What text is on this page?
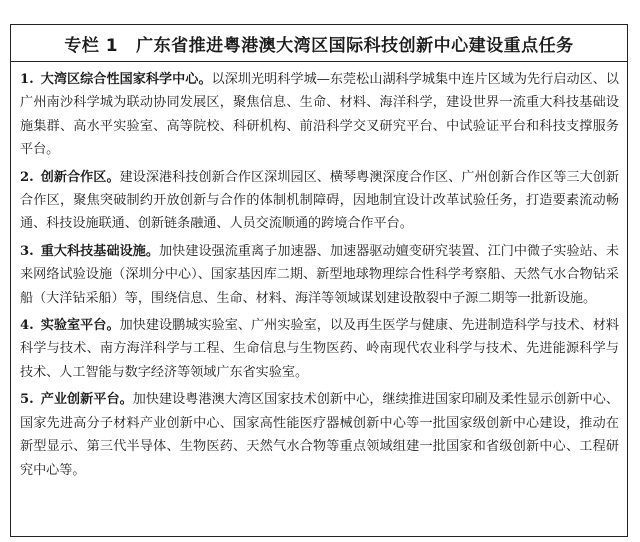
专栏 1 广东省推进粤港澳大湾区国际科技创新中心建设重点任务
1. 大湾区综合性国家科学中心。以深圳光明科学城—东莞松山湖科学城集中连片区域为先行启动区、以广州南沙科学城为联动协同发展区，聚焦信息、生命、材料、海洋科学，建设世界一流重大科技基础设施集群、高水平实验室、高等院校、科研机构、前沿科学交叉研究平台、中试验证平台和科技支撑服务平台。
2. 创新合作区。建设深港科技创新合作区深圳园区、横琴粤澳深度合作区、广州创新合作区等三大创新合作区，聚焦突破制约开放创新与合作的体制机制障碍，因地制宜设计改革试验任务，打造要素流动畅通、科技设施联通、创新链条融通、人员交流顺通的跨境合作平台。
3. 重大科技基础设施。加快建设强流重离子加速器、加速器驱动嬗变研究装置、江门中微子实验站、未来网络试验设施（深圳分中心）、国家基因库二期、新型地球物理综合性科学考察船、天然气水合物钻采船（大洋钻采船）等，围绕信息、生命、材料、海洋等领域谋划建设散裂中子源二期等一批新设施。
4. 实验室平台。加快建设鹏城实验室、广州实验室，以及再生医学与健康、先进制造科学与技术、材料科学与技术、南方海洋科学与工程、生命信息与生物医药、岭南现代农业科学与技术、先进能源科学与技术、人工智能与数字经济等领域广东省实验室。
5. 产业创新平台。加快建设粤港澳大湾区国家技术创新中心，继续推进国家印刷及柔性显示创新中心、国家先进高分子材料产业创新中心、国家高性能医疗器械创新中心等一批国家级创新中心建设，推动在新型显示、第三代半导体、生物医药、天然气水合物等重点领域组建一批国家和省级创新中心、工程研究中心等。
